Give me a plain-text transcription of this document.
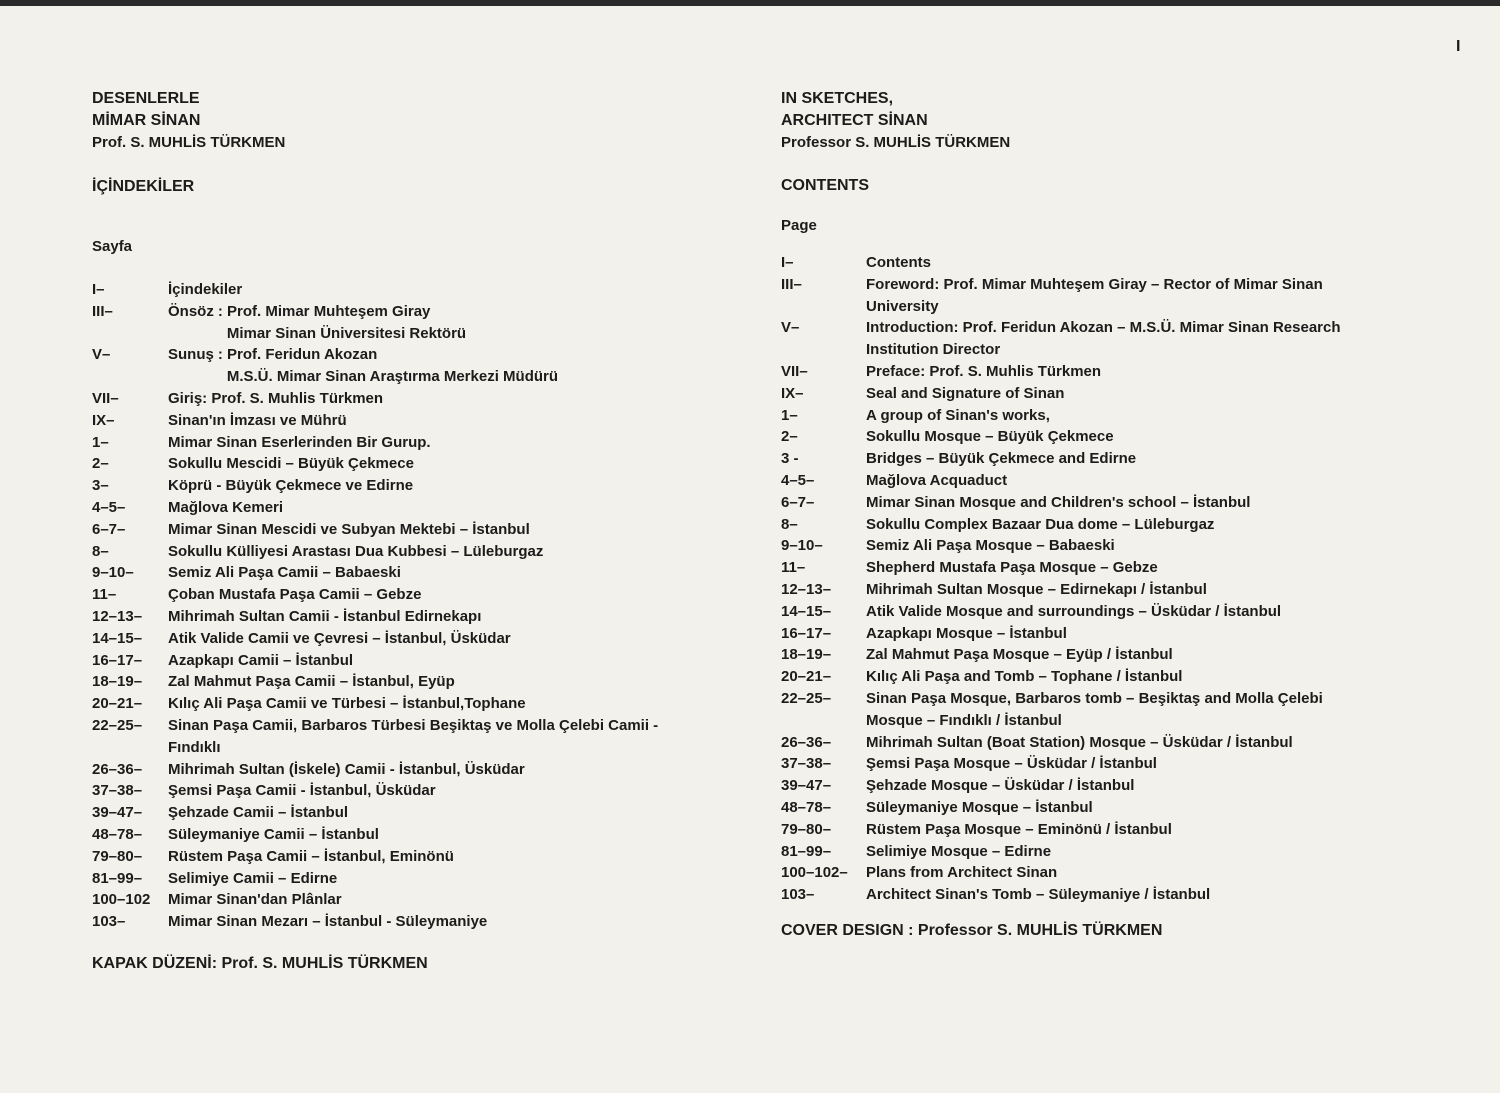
I
DESENLERLE
MİMAR SİNAN
Prof. S. MUHLİS TÜRKMEN
İÇİNDEKİLER
Sayfa
I–	İçindekiler
III–	Önsöz : Prof. Mimar Muhteşem Giray
Mimar Sinan Üniversitesi Rektörü
V–	Sunuş : Prof. Feridun Akozan
M.S.Ü. Mimar Sinan Araştırma Merkezi Müdürü
VII–	Giriş: Prof. S. Muhlis Türkmen
IX–	Sinan'ın İmzası ve Mührü
1–	Mimar Sinan Eserlerinden Bir Gurup.
2–	Sokullu Mescidi – Büyük Çekmece
3–	Köprü - Büyük Çekmece ve Edirne
4–5–	Mağlova Kemeri
6–7–	Mimar Sinan Mescidi ve Subyan Mektebi – İstanbul
8–	Sokullu Külliyesi Arastası Dua Kubbesi – Lüleburgaz
9–10–	Semiz Ali Paşa Camii – Babaeski
11–	Çoban Mustafa Paşa Camii – Gebze
12–13–	Mihrimah Sultan Camii - İstanbul Edirnekapı
14–15–	Atik Valide Camii ve Çevresi – İstanbul, Üsküdar
16–17–	Azapkapı Camii – İstanbul
18–19–	Zal Mahmut Paşa Camii – İstanbul, Eyüp
20–21–	Kılıç Ali Paşa Camii ve Türbesi – İstanbul,Tophane
22–25–	Sinan Paşa Camii, Barbaros Türbesi Beşiktaş ve Molla Çelebi Camii -
Fındıklı
26–36–	Mihrimah Sultan (İskele) Camii - İstanbul, Üsküdar
37–38–	Şemsi Paşa Camii - İstanbul, Üsküdar
39–47–	Şehzade Camii – İstanbul
48–78–	Süleymaniye Camii – İstanbul
79–80–	Rüstem Paşa Camii – İstanbul, Eminönü
81–99–	Selimiye Camii – Edirne
100–102	Mimar Sinan'dan Plânlar
103–	Mimar Sinan Mezarı – İstanbul - Süleymaniye
KAPAK DÜZENİ: Prof. S. MUHLİS TÜRKMEN
IN SKETCHES,
ARCHITECT SİNAN
Professor S. MUHLİS TÜRKMEN
CONTENTS
Page
I–	Contents
III–	Foreword: Prof. Mimar Muhteşem Giray – Rector of Mimar Sinan University
V–	Introduction: Prof. Feridun Akozan – M.S.Ü. Mimar Sinan Research Institution Director
VII–	Preface: Prof. S. Muhlis Türkmen
IX–	Seal and Signature of Sinan
1–	A group of Sinan's works,
2–	Sokullu Mosque – Büyük Çekmece
3 -	Bridges – Büyük Çekmece and Edirne
4–5–	Mağlova Acquaduct
6–7–	Mimar Sinan Mosque and Children's school – İstanbul
8–	Sokullu Complex Bazaar Dua dome – Lüleburgaz
9–10–	Semiz Ali Paşa Mosque – Babaeski
11–	Shepherd Mustafa Paşa Mosque – Gebze
12–13–	Mihrimah Sultan Mosque – Edirnekapı / İstanbul
14–15–	Atik Valide Mosque and surroundings – Üsküdar / İstanbul
16–17–	Azapkapı Mosque – İstanbul
18–19–	Zal Mahmut Paşa Mosque – Eyüp / İstanbul
20–21–	Kılıç Ali Paşa and Tomb – Tophane / İstanbul
22–25–	Sinan Paşa Mosque, Barbaros tomb – Beşiktaş and Molla Çelebi Mosque – Fındıklı / İstanbul
26–36–	Mihrimah Sultan (Boat Station) Mosque – Üsküdar / İstanbul
37–38–	Şemsi Paşa Mosque – Üsküdar / İstanbul
39–47–	Şehzade Mosque – Üsküdar / İstanbul
48–78–	Süleymaniye Mosque – İstanbul
79–80–	Rüstem Paşa Mosque – Eminönü / İstanbul
81–99–	Selimiye Mosque – Edirne
100–102–	Plans from Architect Sinan
103–	Architect Sinan's Tomb – Süleymaniye / İstanbul
COVER DESIGN : Professor S. MUHLİS TÜRKMEN
